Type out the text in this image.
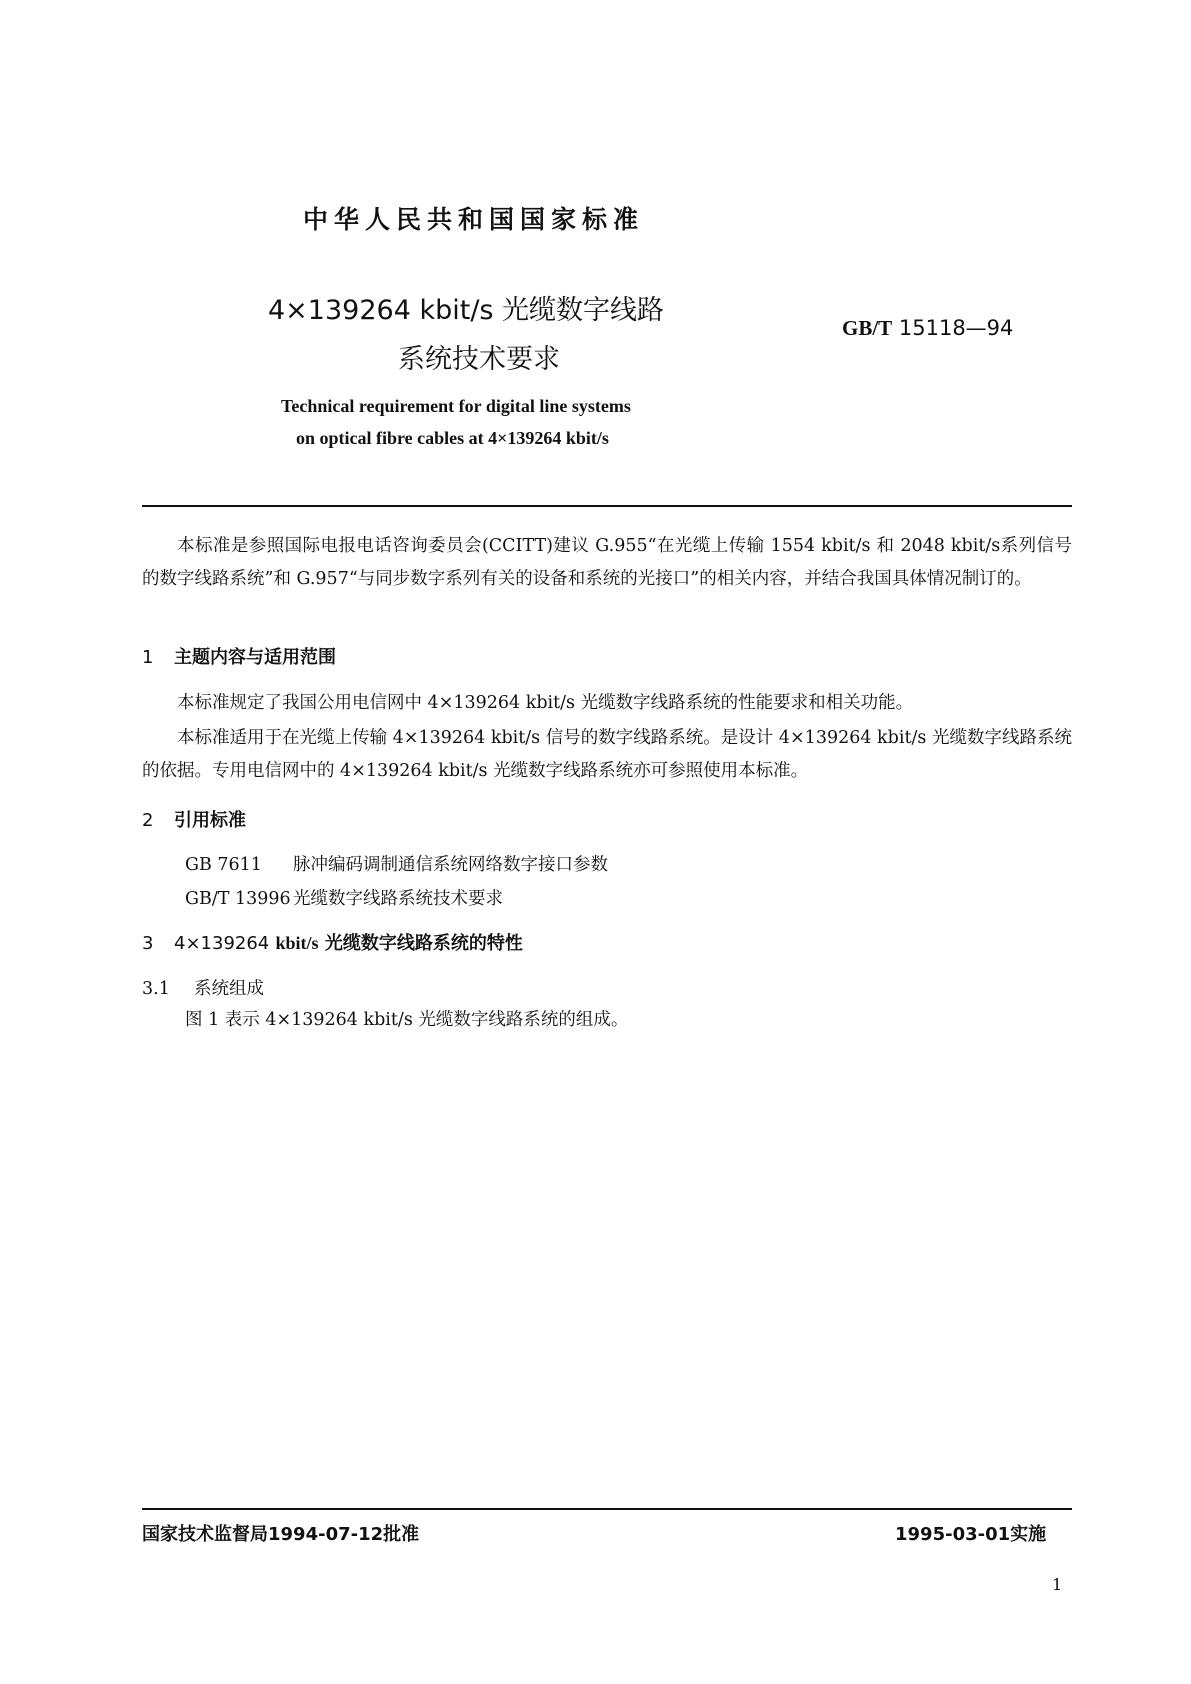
中华人民共和国国家标准
4×139264 kbit/s 光缆数字线路
系统技术要求
GB/T 15118—94
Technical requirement for digital line systems
on optical fibre cables at 4×139264 kbit/s
本标准是参照国际电报电话咨询委员会(CCITT)建议 G.955“在光缆上传输 1554 kbit/s 和 2048 kbit/s系列信号的数字线路系统”和 G.957“与同步数字系列有关的设备和系统的光接口”的相关内容，并结合我国具体情况制订的。
1 主题内容与适用范围
本标准规定了我国公用电信网中 4×139264 kbit/s 光缆数字线路系统的性能要求和相关功能。
本标准适用于在光缆上传输 4×139264 kbit/s 信号的数字线路系统。是设计 4×139264 kbit/s 光缆数字线路系统的依据。专用电信网中的 4×139264 kbit/s 光缆数字线路系统亦可参照使用本标准。
2 引用标准
GB 7611 脉冲编码调制通信系统网络数字接口参数
GB/T 13996 光缆数字线路系统技术要求
3 4×139264 kbit/s 光缆数字线路系统的特性
3.1 系统组成
图 1 表示 4×139264 kbit/s 光缆数字线路系统的组成。
国家技术监督局1994-07-12批准	1995-03-01实施
1
